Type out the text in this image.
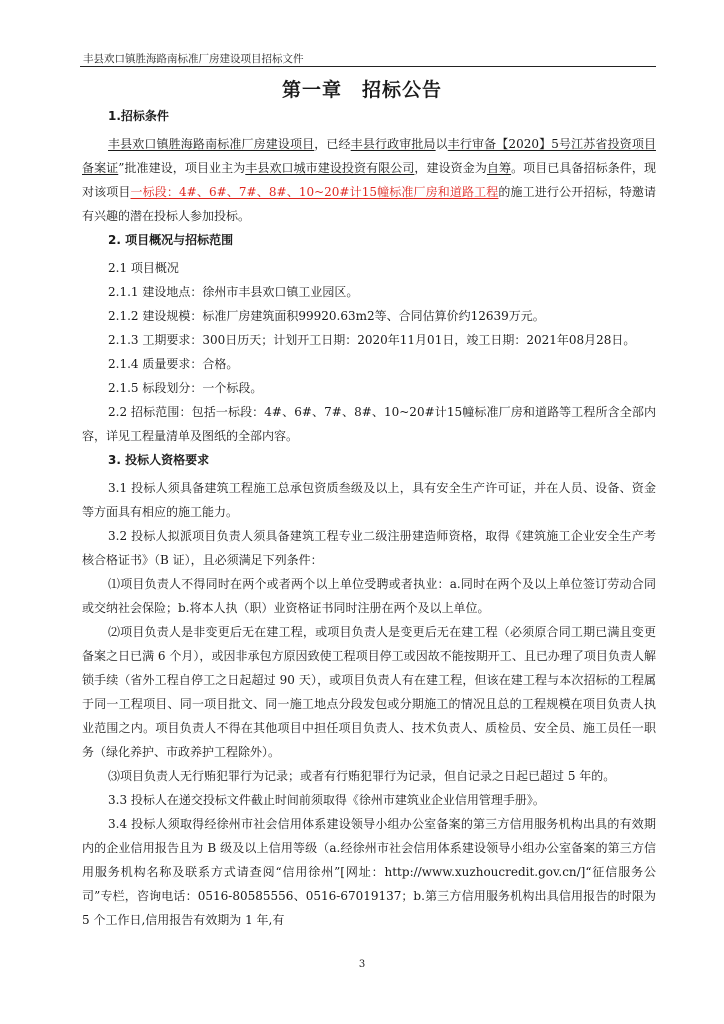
丰县欢口镇胜海路南标准厂房建设项目招标文件
第一章　招标公告
1.招标条件

丰县欢口镇胜海路南标准厂房建设项目，已经丰县行政审批局以丰行审备【2020】5号江苏省投资项目备案证”批准建设，项目业主为丰县欢口城市建设投资有限公司，建设资金为自筹。项目已具备招标条件，现对该项目一标段：4#、6#、7#、8#、10~20#计15幢标准厂房和道路工程的施工进行公开招标，特邀请有兴趣的潜在投标人参加投标。

2. 项目概况与招标范围

2.1 项目概况

2.1.1 建设地点：徐州市丰县欢口镇工业园区。

2.1.2 建设规模：标准厂房建筑面积99920.63m2等、合同估算价约12639万元。

2.1.3 工期要求：300日历天；计划开工日期：2020年11月01日，竣工日期：2021年08月28日。

2.1.4 质量要求：合格。

2.1.5 标段划分：一个标段。

2.2 招标范围：包括一标段：4#、6#、7#、8#、10~20#计15幢标准厂房和道路等工程所含全部内容，详见工程量清单及图纸的全部内容。

3. 投标人资格要求

3.1 投标人须具备建筑工程施工总承包资质叁级及以上，具有安全生产许可证，并在人员、设备、资金等方面具有相应的施工能力。

3.2 投标人拟派项目负责人须具备建筑工程专业二级注册建造师资格，取得《建筑施工企业安全生产考核合格证书》（B 证），且必须满足下列条件：

⑴项目负责人不得同时在两个或者两个以上单位受聘或者执业：a.同时在两个及以上单位签订劳动合同或交纳社会保险；b.将本人执（职）业资格证书同时注册在两个及以上单位。

⑵项目负责人是非变更后无在建工程，或项目负责人是变更后无在建工程（必须原合同工期已满且变更备案之日已满 6 个月），或因非承包方原因致使工程项目停工或因故不能按期开工、且已办理了项目负责人解锁手续（省外工程自停工之日起超过 90 天），或项目负责人有在建工程，但该在建工程与本次招标的工程属于同一工程项目、同一项目批文、同一施工地点分段发包或分期施工的情况且总的工程规模在项目负责人执业范围之内。项目负责人不得在其他项目中担任项目负责人、技术负责人、质检员、安全员、施工员任一职务（绿化养护、市政养护工程除外）。

⑶项目负责人无行贿犯罪行为记录；或者有行贿犯罪行为记录，但自记录之日起已超过 5 年的。

3.3 投标人在递交投标文件截止时间前须取得《徐州市建筑业企业信用管理手册》。

3.4 投标人须取得经徐州市社会信用体系建设领导小组办公室备案的第三方信用服务机构出具的有效期内的企业信用报告且为 B 级及以上信用等级（a.经徐州市社会信用体系建设领导小组办公室备案的第三方信用服务机构名称及联系方式请查阅“信用徐州”[网址：http://www.xuzhoucredit.gov.cn/]“征信服务公司”专栏，咨询电话：0516-80585556、0516-67019137；b.第三方信用服务机构出具信用报告的时限为 5 个工作日,信用报告有效期为 1 年,有

3
